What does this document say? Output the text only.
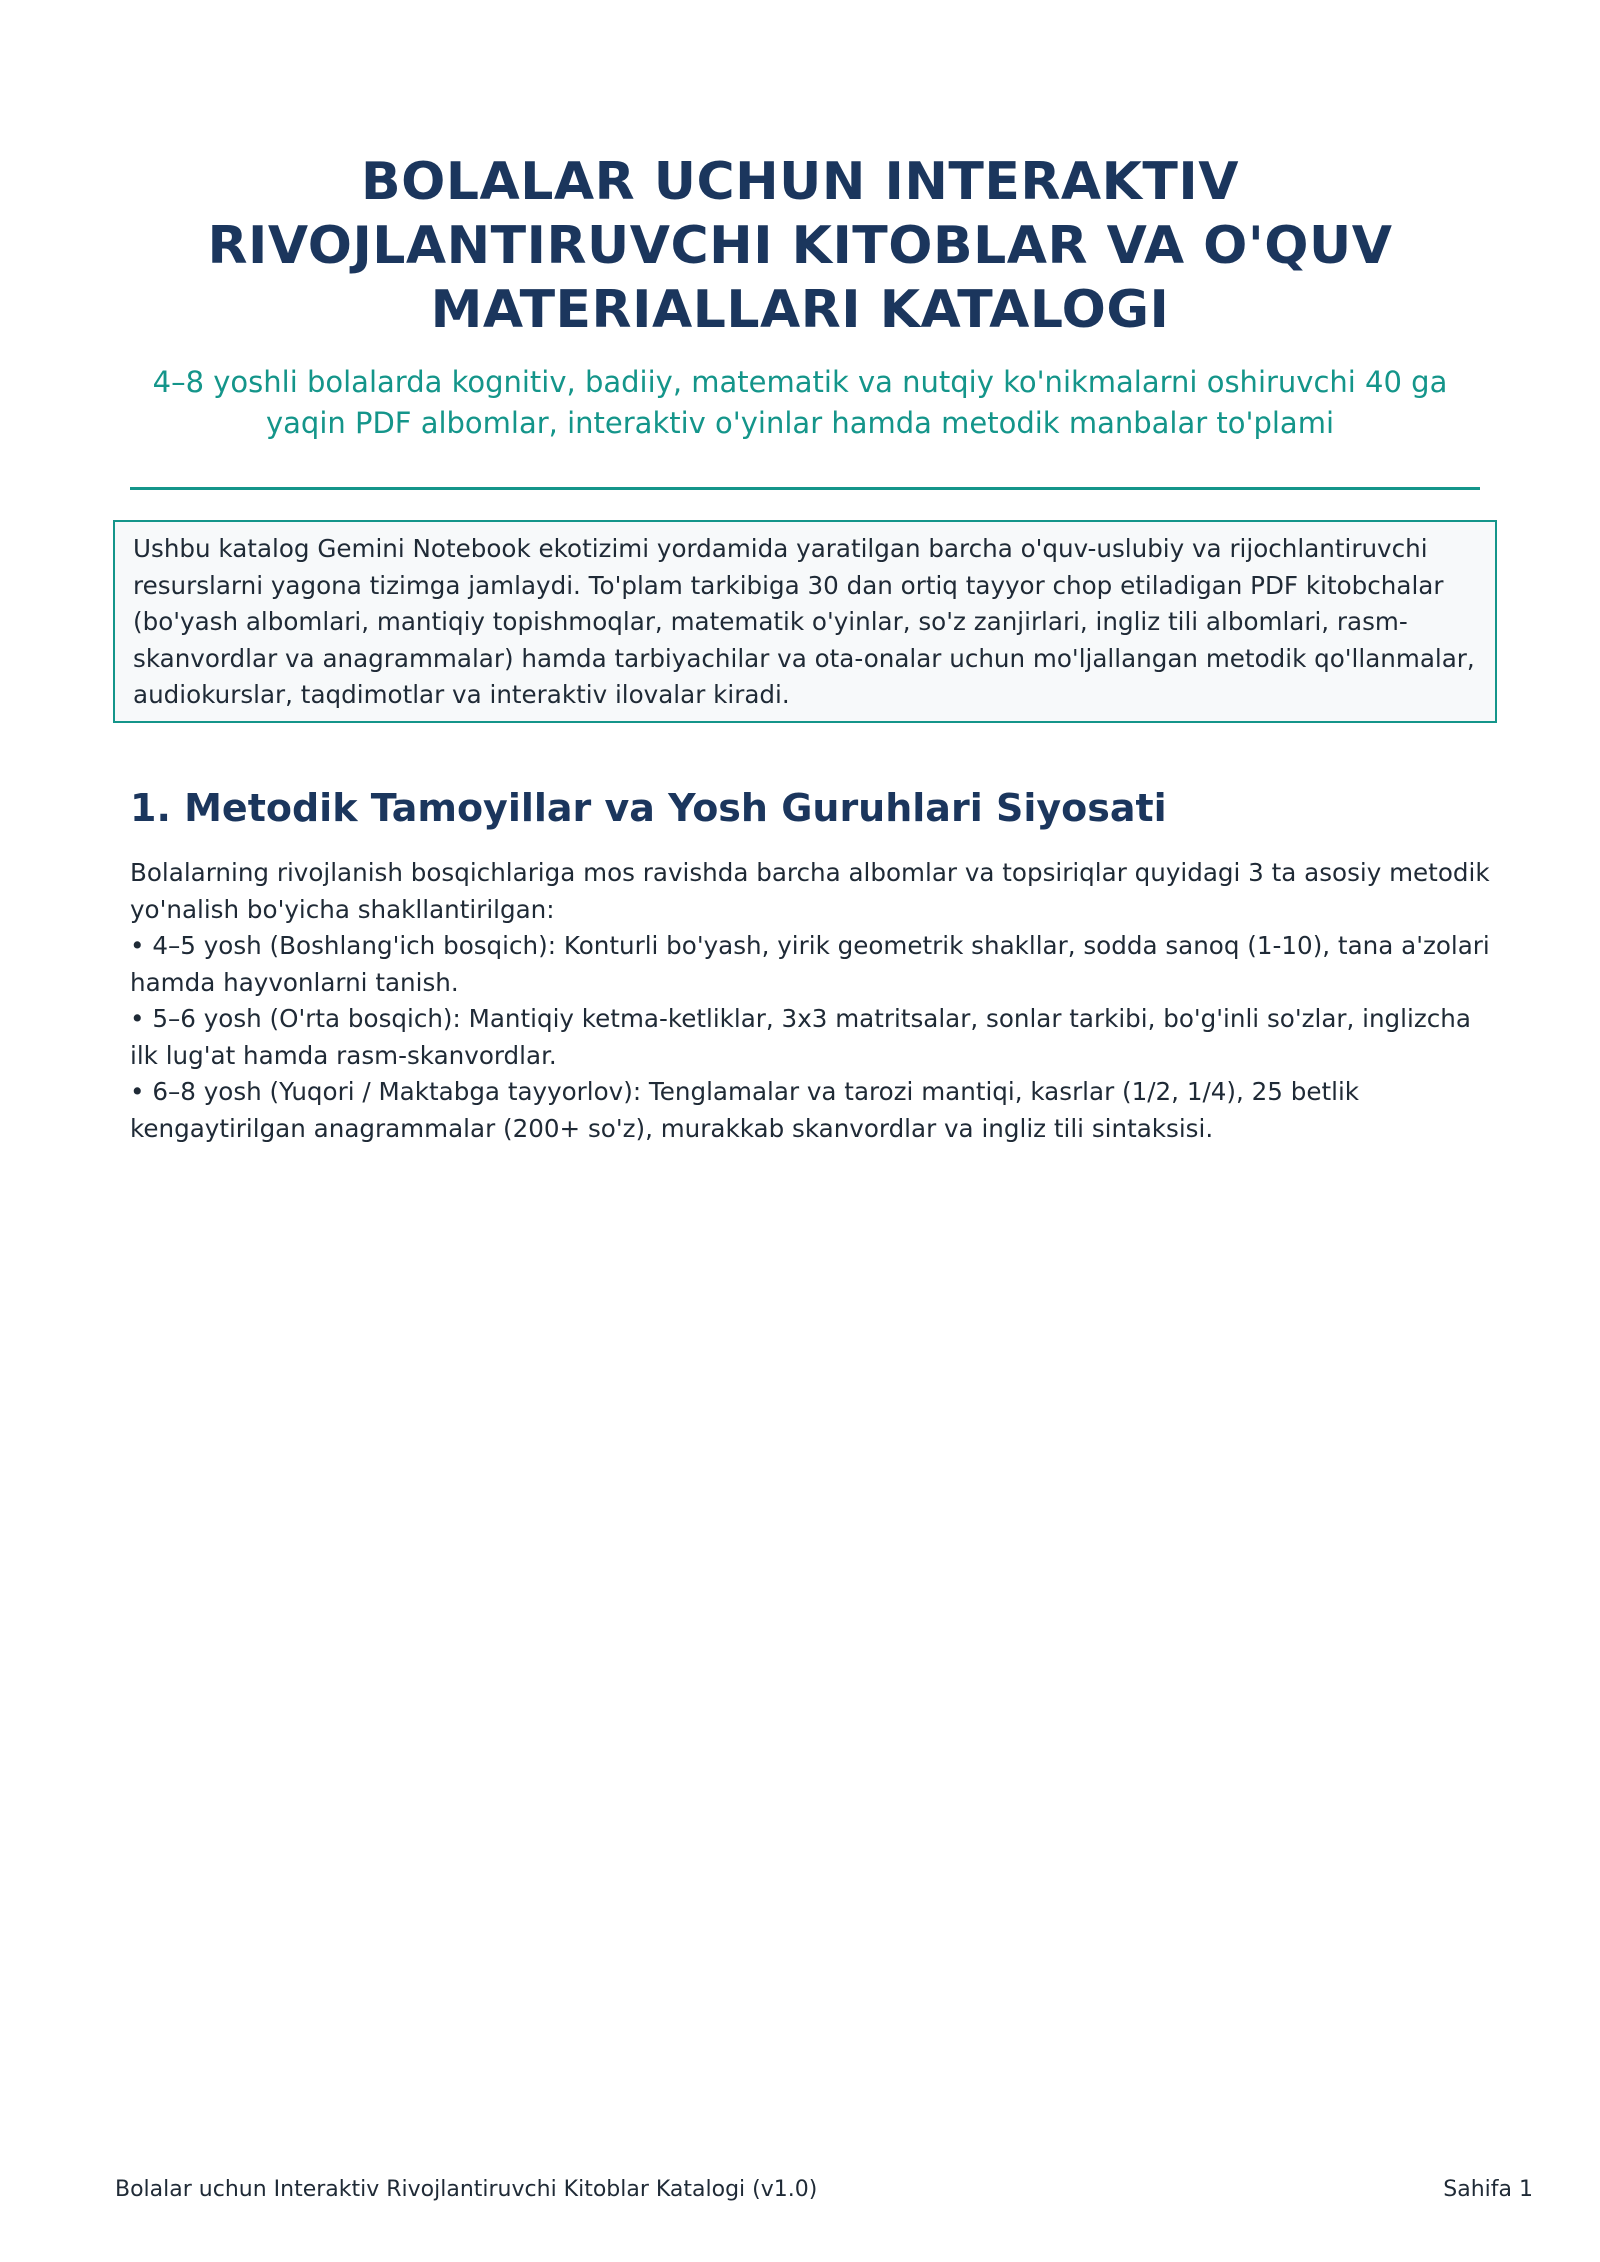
BOLALAR UCHUN INTERAKTIV RIVOJLANTIRUVCHI KITOBLAR VA O'QUV MATERIALLARI KATALOGI
4–8 yoshli bolalarda kognitiv, badiiy, matematik va nutqiy ko'nikmalarni oshiruvchi 40 ga yaqin PDF albomlar, interaktiv o'yinlar hamda metodik manbalar to'plami
Ushbu katalog Gemini Notebook ekotizimi yordamida yaratilgan barcha o'quv-uslubiy va rijochlantiruvchi resurslarni yagona tizimga jamlaydi. To'plam tarkibiga 30 dan ortiq tayyor chop etiladigan PDF kitobchalar (bo'yash albomlari, mantiqiy topishmoqlar, matematik o'yinlar, so'z zanjirlari, ingliz tili albomlari, rasm-skanvordlar va anagrammalar) hamda tarbiyachilar va ota-onalar uchun mo'ljallangan metodik qo'llanmalar, audiokurslar, taqdimotlar va interaktiv ilovalar kiradi.
1. Metodik Tamoyillar va Yosh Guruhlari Siyosati

Bolalarning rivojlanish bosqichlariga mos ravishda barcha albomlar va topsiriqlar quyidagi 3 ta asosiy metodik yo'nalish bo'yicha shakllantirilgan:

• 4–5 yosh (Boshlang'ich bosqich): Konturli bo'yash, yirik geometrik shakllar, sodda sanoq (1-10), tana a'zolari hamda hayvonlarni tanish.

• 5–6 yosh (O'rta bosqich): Mantiqiy ketma-ketliklar, 3x3 matritsalar, sonlar tarkibi, bo'g'inli so'zlar, inglizcha ilk lug'at hamda rasm-skanvordlar.

• 6–8 yosh (Yuqori / Maktabga tayyorlov): Tenglamalar va tarozi mantiqi, kasrlar (1/2, 1/4), 25 betlik kengaytirilgan anagrammalar (200+ so'z), murakkab skanvordlar va ingliz tili sintaksisi.

Bolalar uchun Interaktiv Rivojlantiruvchi Kitoblar Katalogi (v1.0)	Sahifa 1
